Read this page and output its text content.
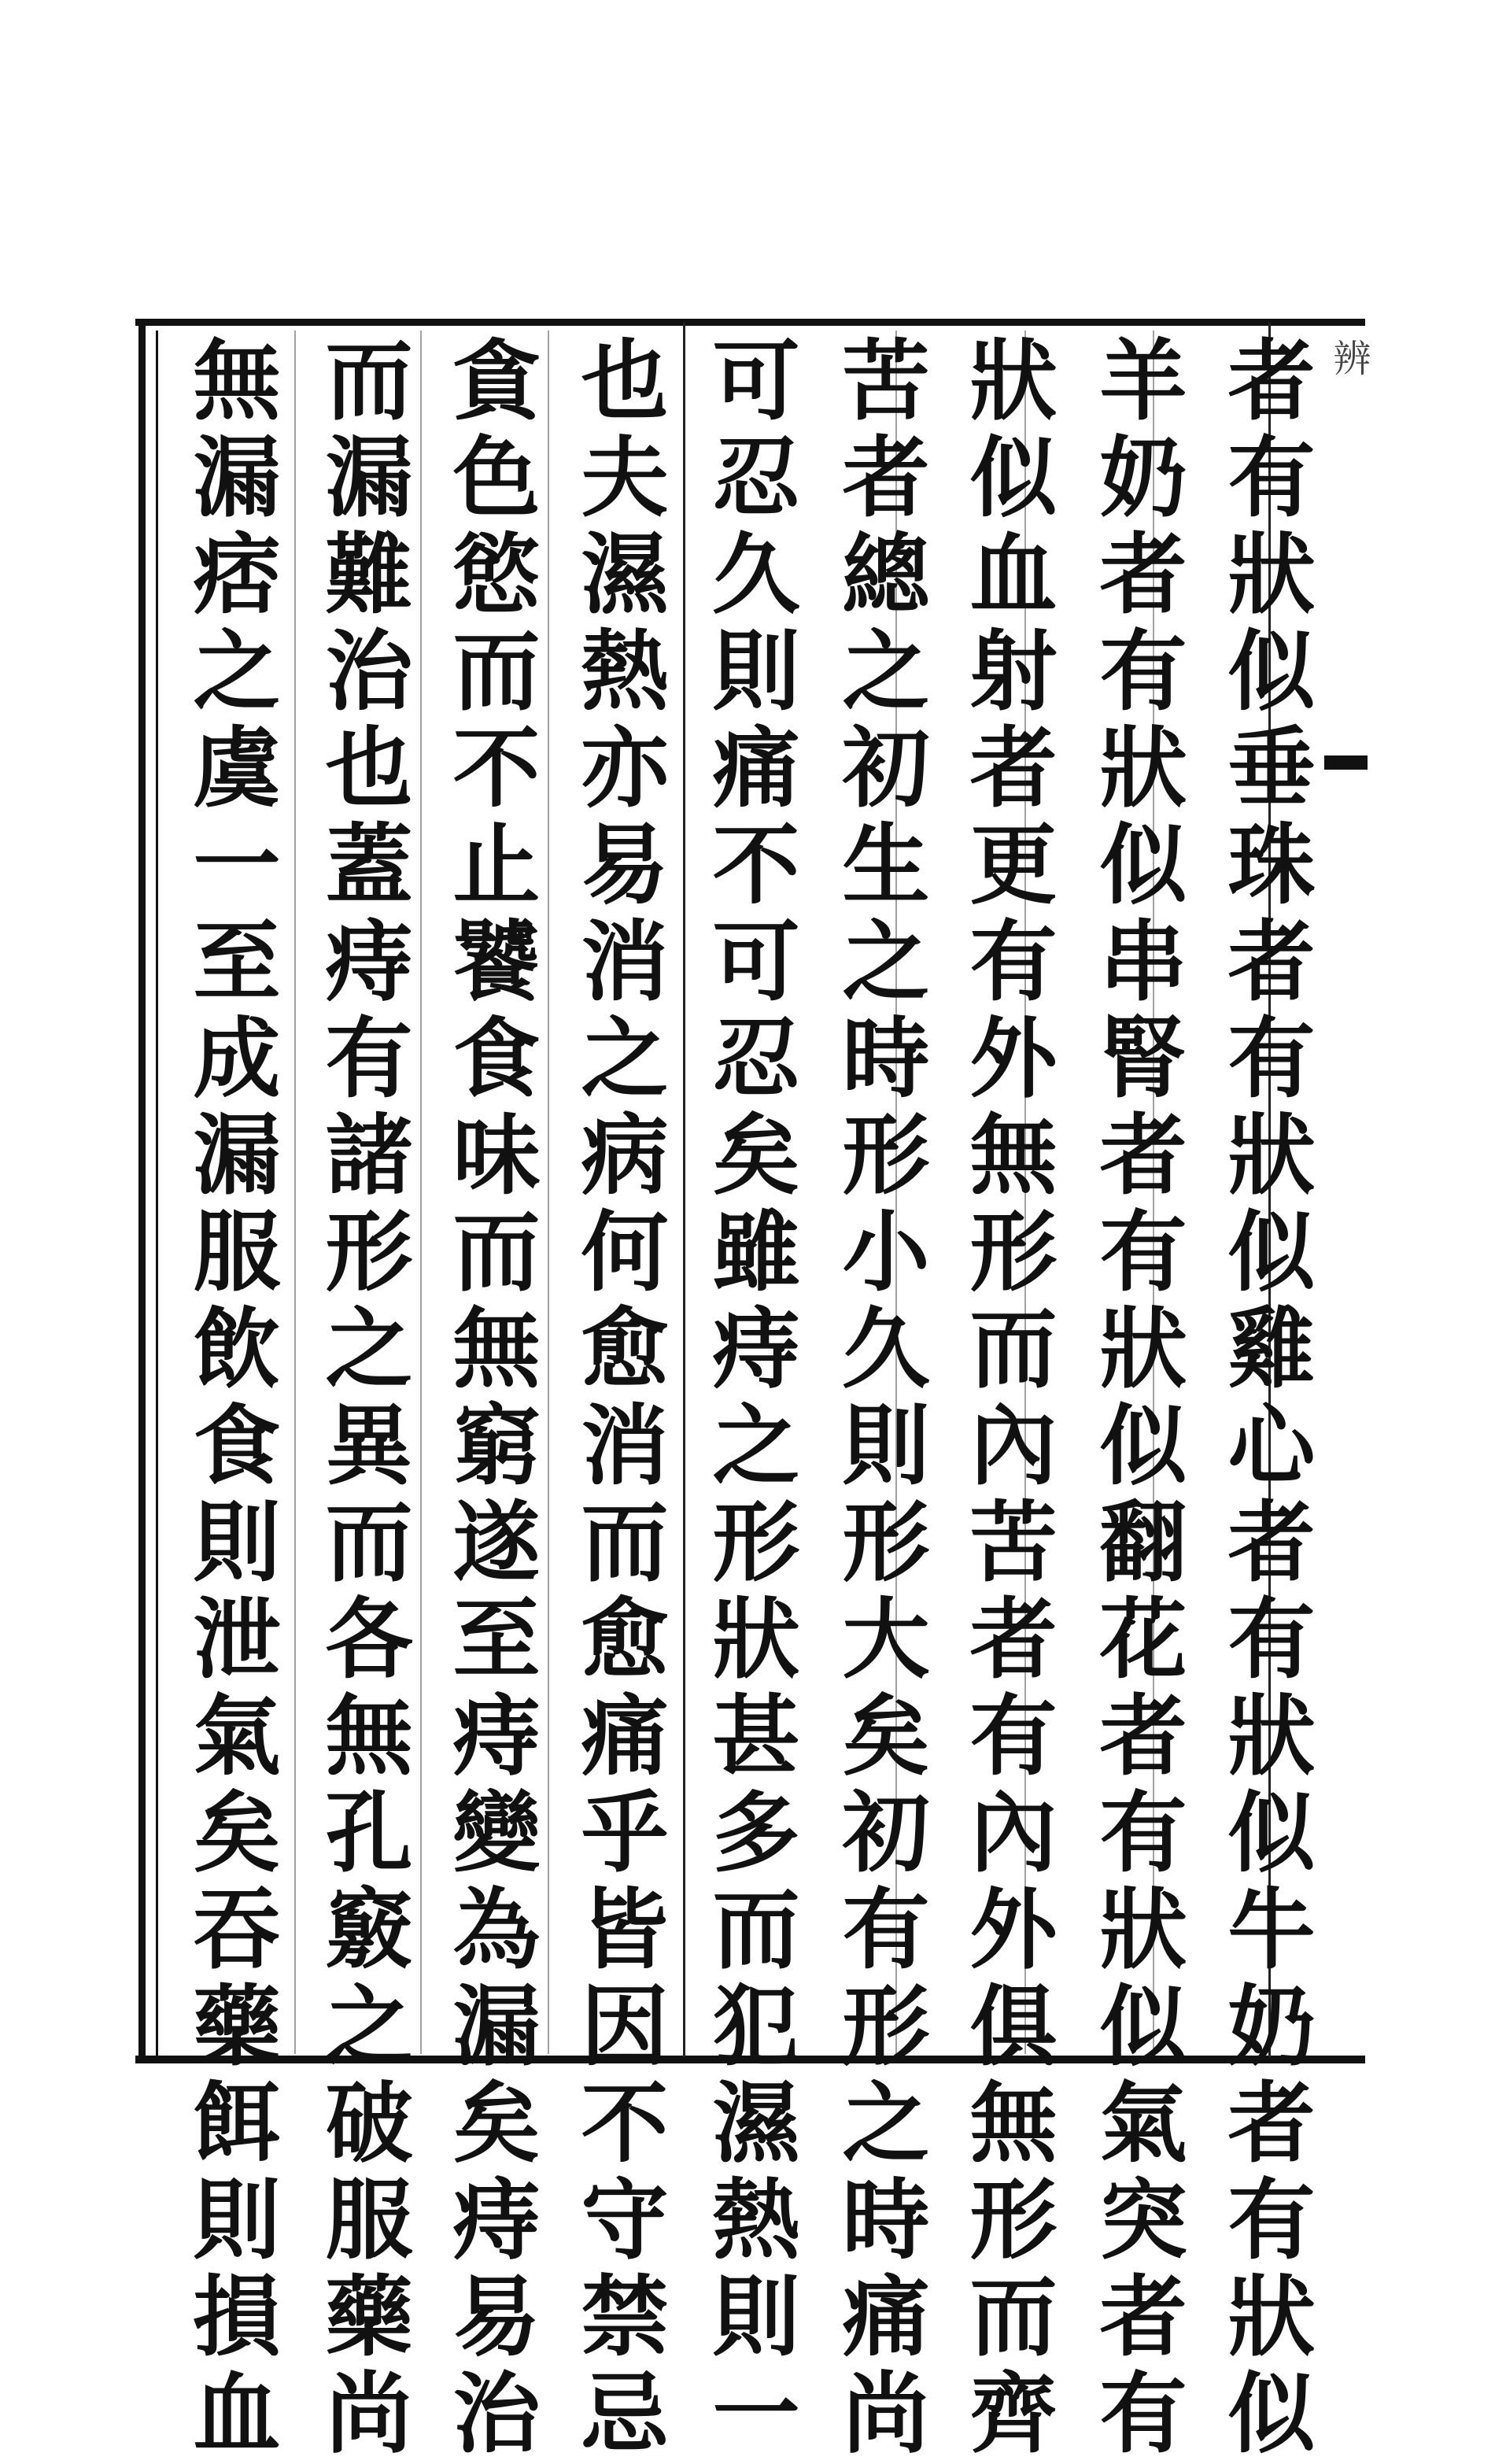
辨
者有狀似垂珠者有狀似雞心者有狀似牛奶者有狀似
羊奶者有狀似串腎者有狀似翻花者有狀似氣突者有
狀似血射者更有外無形而內苦者有內外俱無形而齊
苦者總之初生之時形小久則形大矣初有形之時痛尚
可忍久則痛不可忍矣雖痔之形狀甚多而犯濕熱則一
也夫濕熱亦易消之病何愈消而愈痛乎皆因不守禁忌
貪色慾而不止饕食味而無窮遂至痔變為漏矣痔易治
而漏難治也蓋痔有諸形之異而各無孔竅之破服藥尚
無漏痞之虞一至成漏服飲食則泄氣矣吞藥餌則損血
